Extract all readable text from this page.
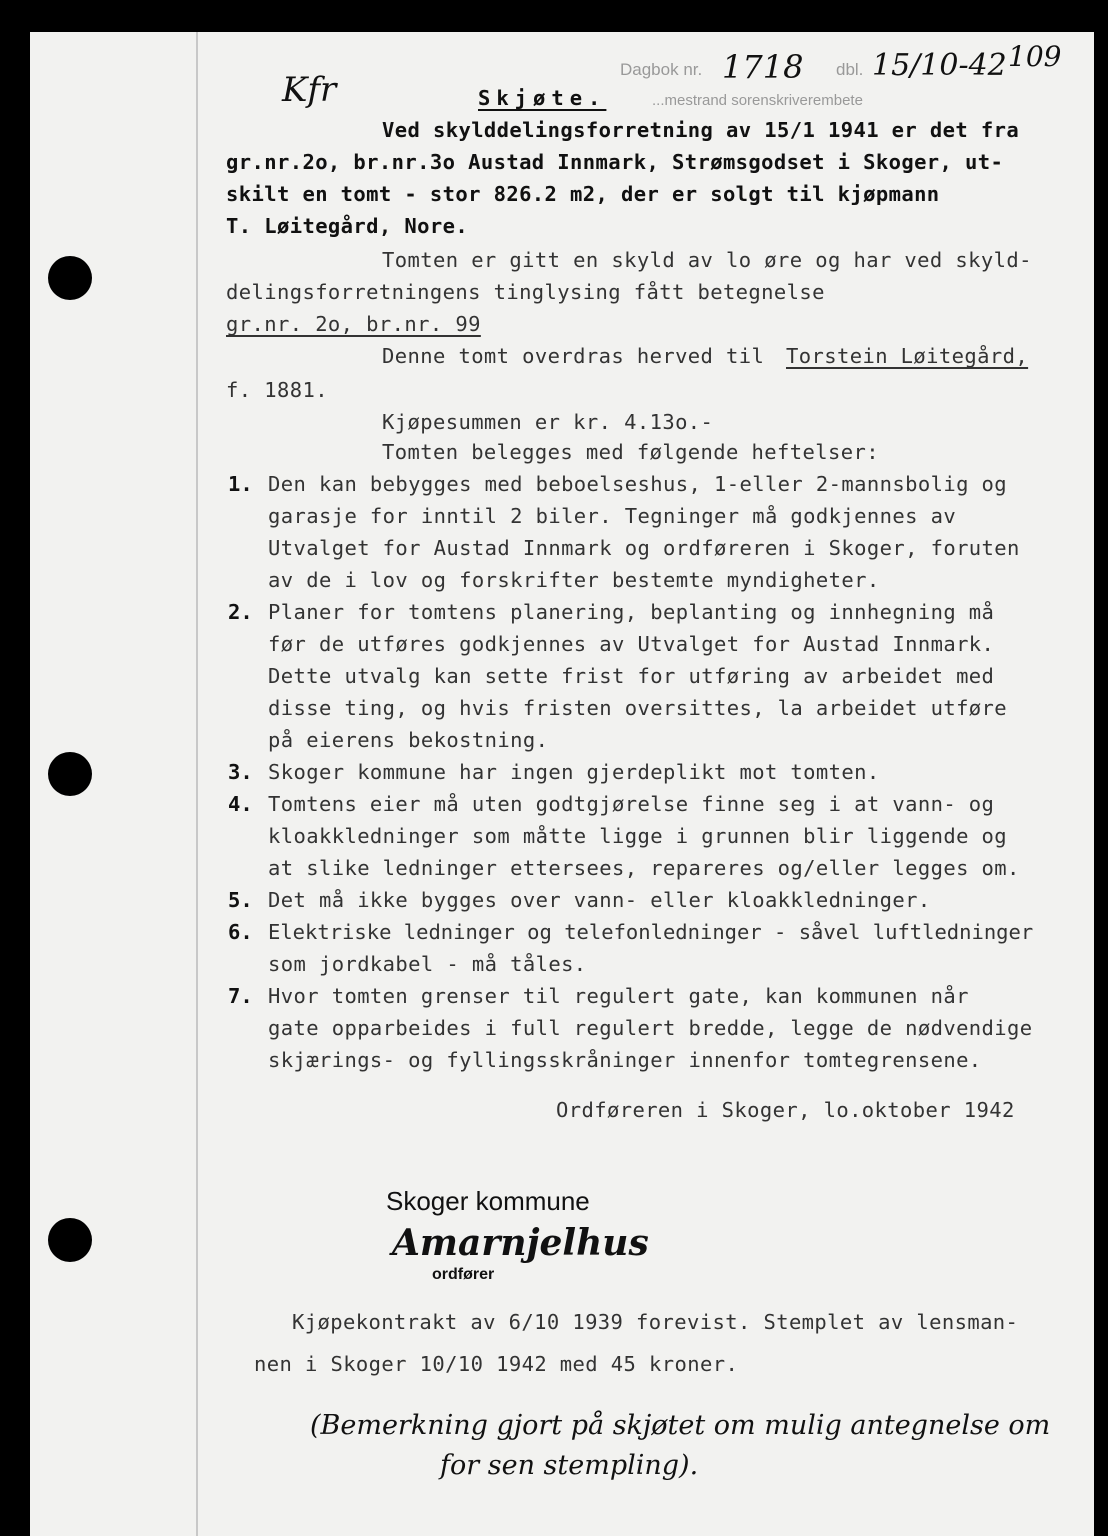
Kfr
Dagbok nr. 1718 dbl. 15/10-42 109
...mestrand sorenskriverembete
Skjøte.
Ved skylddelingsforretning av 15/1 1941 er det fra
gr.nr.2o, br.nr.3o Austad Innmark, Strømsgodset i Skoger, ut-
skilt en tomt - stor 826.2 m2, der er solgt til kjøpmann
T. Løitegård, Nore.
Tomten er gitt en skyld av lo øre og har ved skyld-
delingsforretningens tinglysing fått betegnelse
gr.nr. 2o, br.nr. 99
Denne tomt overdras herved til Torstein Løitegård,
f. 1881.
Kjøpesummen er kr. 4.13o.-
Tomten belegges med følgende heftelser:
1. Den kan bebygges med beboelseshus, 1-eller 2-mannsbolig og
garasje for inntil 2 biler. Tegninger må godkjennes av
Utvalget for Austad Innmark og ordføreren i Skoger, foruten
av de i lov og forskrifter bestemte myndigheter.
2. Planer for tomtens planering, beplanting og innhegning må
før de utføres godkjennes av Utvalget for Austad Innmark.
Dette utvalg kan sette frist for utføring av arbeidet med
disse ting, og hvis fristen oversittes, la arbeidet utføre
på eierens bekostning.
3. Skoger kommune har ingen gjerdeplikt mot tomten.
4. Tomtens eier må uten godtgjørelse finne seg i at vann- og
kloakkledninger som måtte ligge i grunnen blir liggende og
at slike ledninger ettersees, repareres og/eller legges om.
5. Det må ikke bygges over vann- eller kloakkledninger.
6. Elektriske ledninger og telefonledninger - såvel luftledninger
som jordkabel - må tåles.
7. Hvor tomten grenser til regulert gate, kan kommunen når
gate opparbeides i full regulert bredde, legge de nødvendige
skjærings- og fyllingsskråninger innenfor tomtegrensene.
Ordføreren i Skoger, lo.oktober 1942
Skoger kommune
Amarnjelhus
ordfører
Kjøpekontrakt av 6/10 1939 forevist. Stemplet av lensman-
nen i Skoger 10/10 1942 med 45 kroner.
(Bemerkning gjort på skjøtet om mulig antegnelse om
for sen stempling).
